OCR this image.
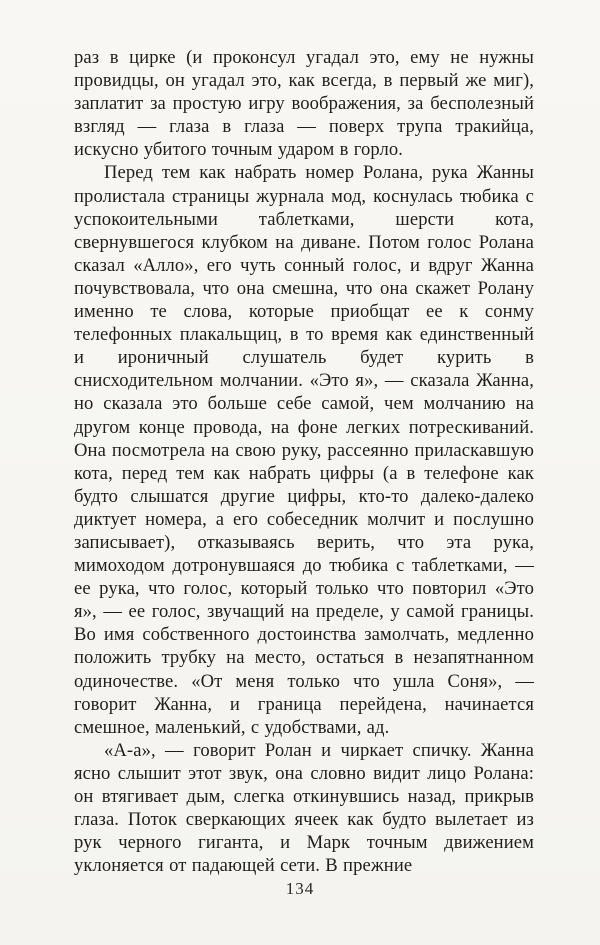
раз в цирке (и проконсул угадал это, ему не нужны провидцы, он угадал это, как всегда, в первый же миг), заплатит за простую игру воображения, за бесполезный взгляд — глаза в глаза — поверх трупа тракийца, искусно убитого точным ударом в горло.

Перед тем как набрать номер Ролана, рука Жанны пролистала страницы журнала мод, коснулась тюбика с успокоительными таблетками, шерсти кота, свернувшегося клубком на диване. Потом голос Ролана сказал «Алло», его чуть сонный голос, и вдруг Жанна почувствовала, что она смешна, что она скажет Ролану именно те слова, которые приобщат ее к сонму телефонных плакальщиц, в то время как единственный и ироничный слушатель будет курить в снисходительном молчании. «Это я», — сказала Жанна, но сказала это больше себе самой, чем молчанию на другом конце провода, на фоне легких потрескиваний. Она посмотрела на свою руку, рассеянно приласкавшую кота, перед тем как набрать цифры (а в телефоне как будто слышатся другие цифры, кто-то далеко-далеко диктует номера, а его собеседник молчит и послушно записывает), отказываясь верить, что эта рука, мимоходом дотронувшаяся до тюбика с таблетками, — ее рука, что голос, который только что повторил «Это я», — ее голос, звучащий на пределе, у самой границы. Во имя собственного достоинства замолчать, медленно положить трубку на место, остаться в незапятнанном одиночестве. «От меня только что ушла Соня», — говорит Жанна, и граница перейдена, начинается смешное, маленький, с удобствами, ад.

«А-а», — говорит Ролан и чиркает спичку. Жанна ясно слышит этот звук, она словно видит лицо Ролана: он втягивает дым, слегка откинувшись назад, прикрыв глаза. Поток сверкающих ячеек как будто вылетает из рук черного гиганта, и Марк точным движением уклоняется от падающей сети. В прежние

134
